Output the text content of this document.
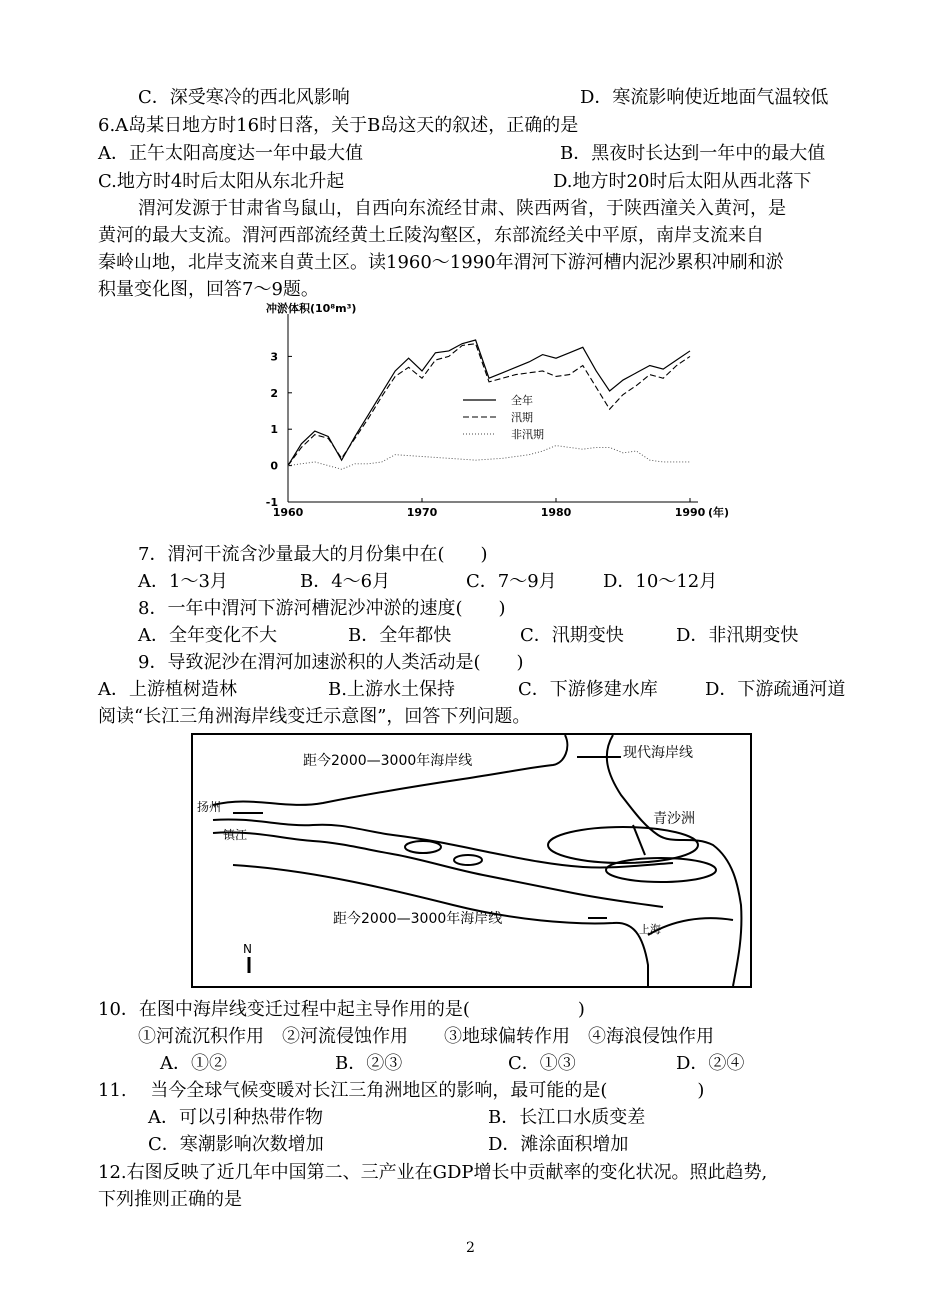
C．深受寒冷的西北风影响	D．寒流影响使近地面气温较低
6.A岛某日地方时16时日落，关于B岛这天的叙述，正确的是
A．正午太阳高度达一年中最大值	B．黑夜时长达到一年中的最大值
C.地方时4时后太阳从东北升起	D.地方时20时后太阳从西北落下
渭河发源于甘肃省鸟鼠山，自西向东流经甘肃、陕西两省，于陕西潼关入黄河，是
黄河的最大支流。渭河西部流经黄土丘陵沟壑区，东部流经关中平原，南岸支流来自
秦岭山地，北岸支流来自黄土区。读1960～1990年渭河下游河槽内泥沙累积冲刷和淤
积量变化图，回答7～9题。
冲淤体积(10⁸m³)
-1
0
1
2
3
1960	1970	1980	1990 (年)
全年
汛期
非汛期
7．渭河干流含沙量最大的月份集中在(　　)
A．1～3月	B．4～6月	C．7～9月	D．10～12月
8．一年中渭河下游河槽泥沙冲淤的速度(　　)
A．全年变化不大	B．全年都快	C．汛期变快	D．非汛期变快
9．导致泥沙在渭河加速淤积的人类活动是(　　)
A．上游植树造林	B.上游水土保持	C．下游修建水库	D．下游疏通河道
阅读“长江三角洲海岸线变迁示意图”，回答下列问题。
距今2000—3000年海岸线	现代海岸线
青沙洲
扬州
镇江
距今2000—3000年海岸线
上海
N
10．在图中海岸线变迁过程中起主导作用的是(　　　　　　)
①河流沉积作用　②河流侵蚀作用　　③地球偏转作用　④海浪侵蚀作用
A．①②	B．②③	C．①③	D．②④
11.　 当今全球气候变暖对长江三角洲地区的影响，最可能的是(　　　　　)
A．可以引种热带作物	B．长江口水质变差
C．寒潮影响次数增加	D．滩涂面积增加
12.右图反映了近几年中国第二、三产业在GDP增长中贡献率的变化状况。照此趋势,
下列推则正确的是
2
